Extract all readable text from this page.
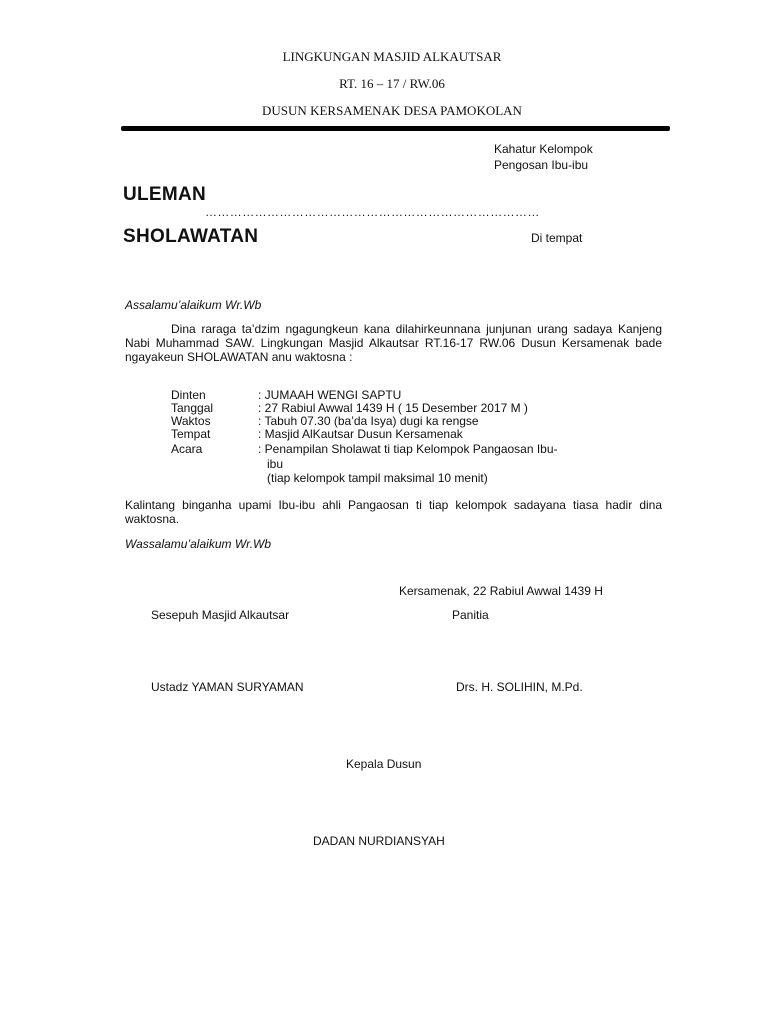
LINGKUNGAN MASJID ALKAUTSAR
RT. 16 – 17 / RW.06
DUSUN KERSAMENAK DESA PAMOKOLAN
Kahatur Kelompok
Pengosan Ibu-ibu
ULEMAN
………………………………………………………………………
SHOLAWATAN	Di tempat
Assalamu’alaikum Wr.Wb
Dina raraga ta’dzim ngagungkeun kana dilahirkeunnana junjunan urang sadaya Kanjeng Nabi Muhammad SAW. Lingkungan Masjid Alkautsar RT.16-17 RW.06 Dusun Kersamenak bade ngayakeun SHOLAWATAN anu waktosna :
Dinten	: JUMAAH WENGI SAPTU
Tanggal	: 27 Rabiul Awwal 1439 H ( 15 Desember 2017 M )
Waktos	: Tabuh 07.30 (ba’da Isya) dugi ka rengse
Tempat	: Masjid AlKautsar Dusun Kersamenak
Acara	: Penampilan Sholawat ti tiap Kelompok Pangaosan Ibu-
ibu
(tiap kelompok tampil maksimal 10 menit)
Kalintang binganha upami Ibu-ibu ahli Pangaosan ti tiap kelompok sadayana tiasa hadir dina waktosna.
Wassalamu’alaikum Wr.Wb
Kersamenak, 22 Rabiul Awwal 1439 H
Sesepuh Masjid Alkautsar	Panitia
Ustadz YAMAN SURYAMAN	Drs. H. SOLIHIN, M.Pd.
Kepala Dusun
DADAN NURDIANSYAH
